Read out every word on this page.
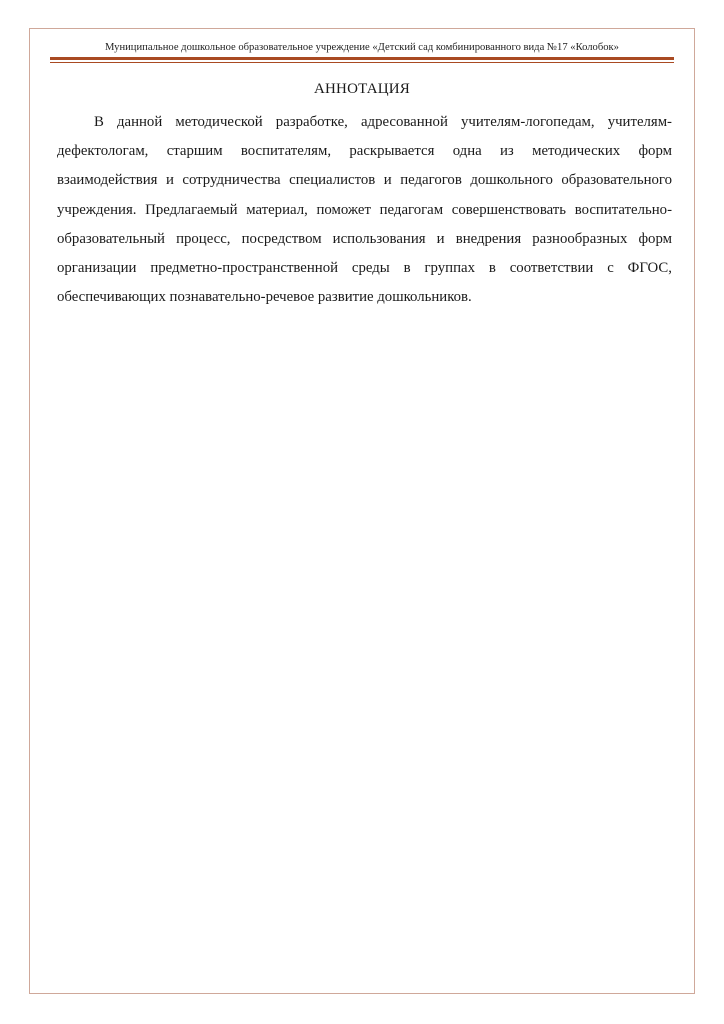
Муниципальное дошкольное образовательное учреждение «Детский сад комбинированного вида №17 «Колобок»
АННОТАЦИЯ

В данной методической разработке, адресованной учителям-логопедам, учителям-дефектологам, старшим воспитателям, раскрывается одна из методических форм взаимодействия и сотрудничества специалистов и педагогов дошкольного образовательного учреждения. Предлагаемый материал, поможет педагогам совершенствовать воспитательно-образовательный процесс, посредством использования и внедрения разнообразных форм организации предметно-пространственной среды в группах в соответствии с ФГОС, обеспечивающих познавательно-речевое развитие дошкольников.
